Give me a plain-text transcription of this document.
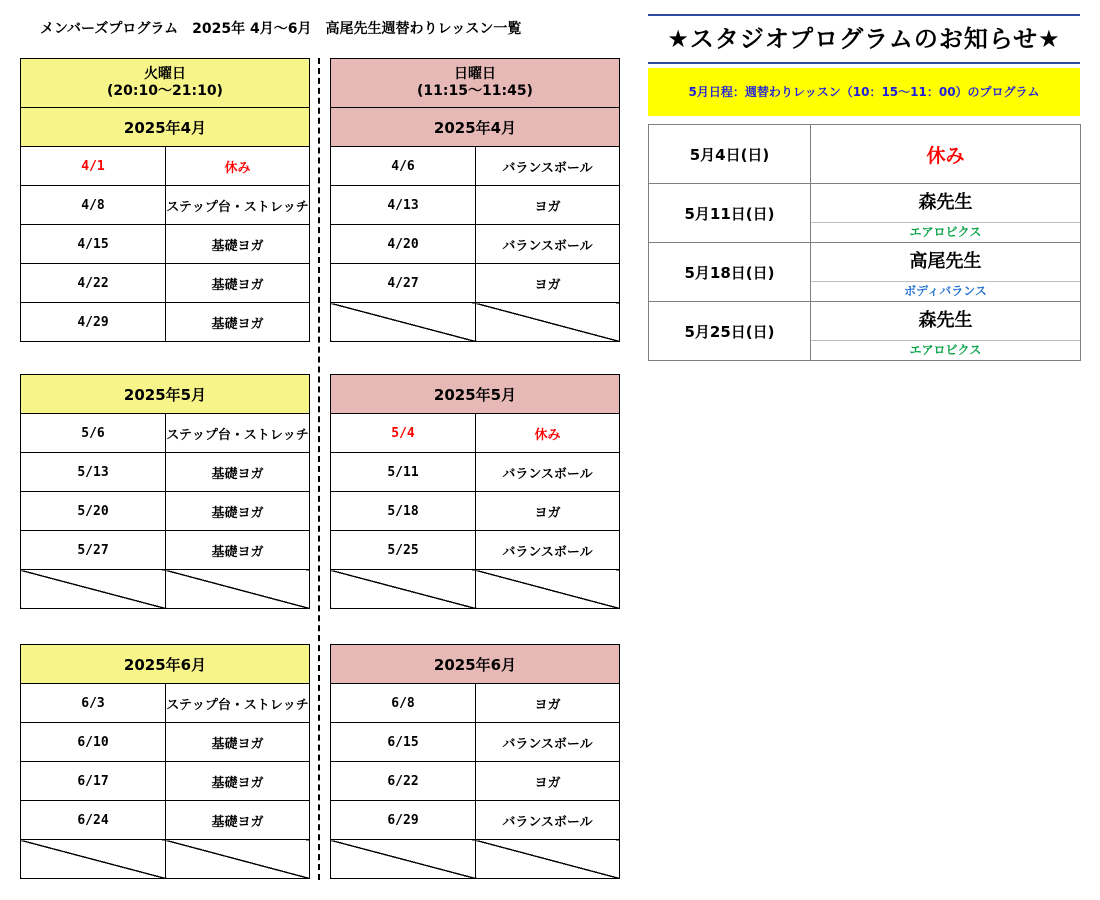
メンバーズプログラム　2025年 4月～6月　高尾先生週替わりレッスン一覧
火曜日
(20:10～21:10)	

2025年4月	
4/1	休み
4/8	ステップ台・ストレッチ
4/15	基礎ヨガ
4/22	基礎ヨガ
4/29	基礎ヨガ
日曜日
(11:15～11:45)	

2025年4月	
4/6	バランスボール
4/13	ヨガ
4/20	バランスボール
4/27	ヨガ

2025年5月	
5/6	ステップ台・ストレッチ
5/13	基礎ヨガ
5/20	基礎ヨガ
5/27	基礎ヨガ

2025年5月	
5/4	休み
5/11	バランスボール
5/18	ヨガ
5/25	バランスボール

2025年6月	
6/3	ステップ台・ストレッチ
6/10	基礎ヨガ
6/17	基礎ヨガ
6/24	基礎ヨガ

2025年6月	
6/8	ヨガ
6/15	バランスボール
6/22	ヨガ
6/29	バランスボール

★スタジオプログラムのお知らせ★
5月日程：週替わりレッスン（10：15～11：00）のプログラム
5月4日(日)	休み
5月11日(日)	森先生
エアロビクス

5月18日(日)	高尾先生
ボディバランス

5月25日(日)	森先生
エアロビクス
